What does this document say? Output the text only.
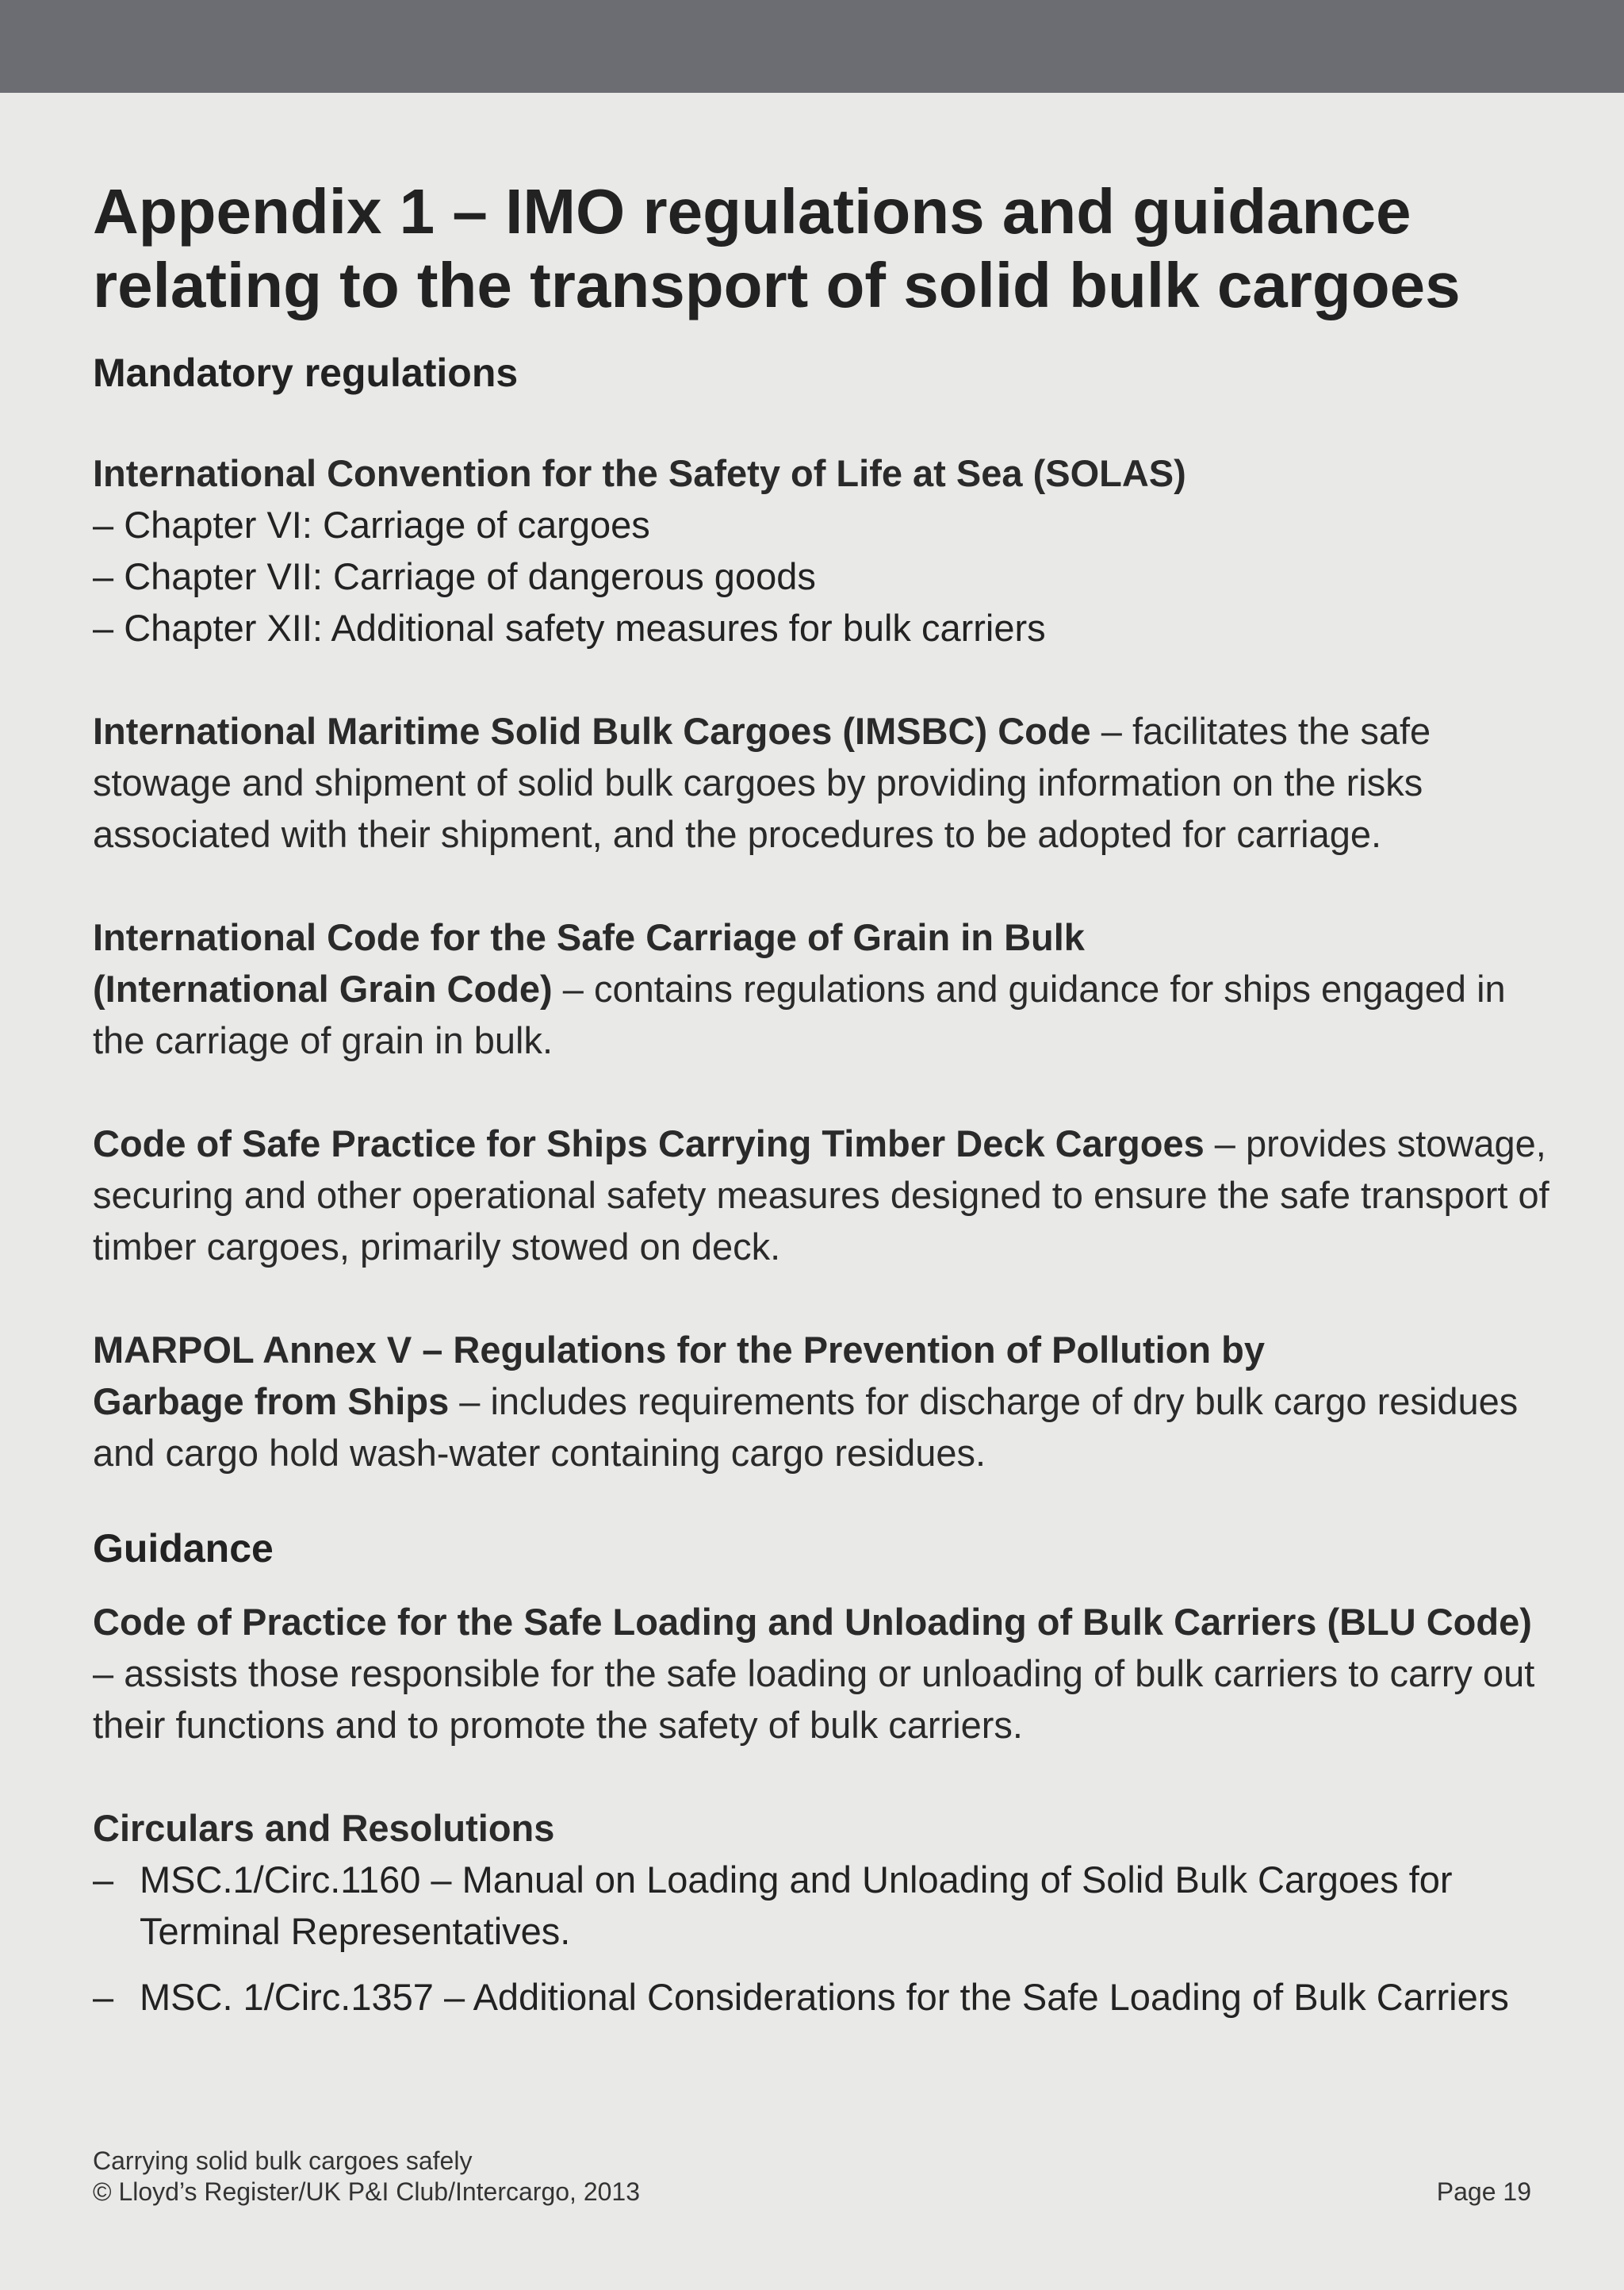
Appendix 1 – IMO regulations and guidance relating to the transport of solid bulk cargoes
Mandatory regulations

International Convention for the Safety of Life at Sea (SOLAS)

– Chapter VI: Carriage of cargoes
– Chapter VII: Carriage of dangerous goods
– Chapter XII: Additional safety measures for bulk carriers

International Maritime Solid Bulk Cargoes (IMSBC) Code – facilitates the safe stowage and shipment of solid bulk cargoes by providing information on the risks associated with their shipment, and the procedures to be adopted for carriage.

International Code for the Safe Carriage of Grain in Bulk
(International Grain Code) – contains regulations and guidance for ships engaged in the carriage of grain in bulk.

Code of Safe Practice for Ships Carrying Timber Deck Cargoes – provides stowage, securing and other operational safety measures designed to ensure the safe transport of timber cargoes, primarily stowed on deck.

MARPOL Annex V – Regulations for the Prevention of Pollution by
Garbage from Ships – includes requirements for discharge of dry bulk cargo residues and cargo hold wash-water containing cargo residues.

Guidance

Code of Practice for the Safe Loading and Unloading of Bulk Carriers (BLU Code)

– assists those responsible for the safe loading or unloading of bulk carriers to carry out their functions and to promote the safety of bulk carriers.

Circulars and Resolutions

– MSC.1/Circ.1160 – Manual on Loading and Unloading of Solid Bulk Cargoes for Terminal Representatives.
– MSC. 1/Circ.1357 – Additional Considerations for the Safe Loading of Bulk Carriers
Carrying solid bulk cargoes safely
© Lloyd’s Register/UK P&I Club/Intercargo, 2013	Page 19
